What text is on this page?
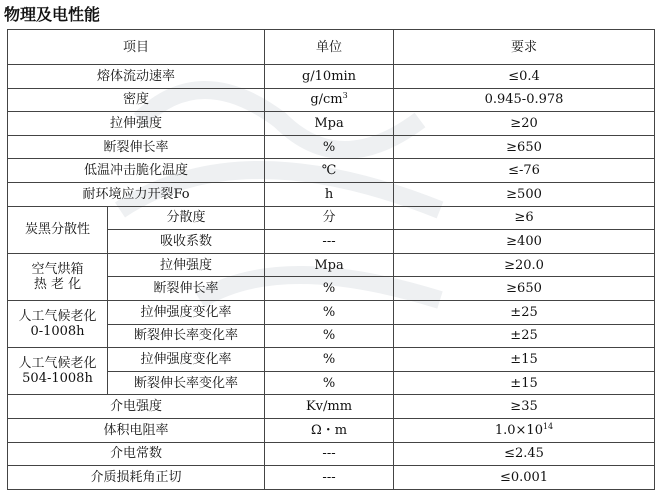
物理及电性能
项目		单位	要求
熔体流动速率		g/10min	≤0.4
密度		$g/cm^3$	0.945-0.978
拉伸强度		Mpa	≥20
断裂伸长率		%	≥650
低温冲击脆化温度		℃	≤-76
耐环境应力开裂Fo		h	≥500

炭黑分散性	分散度	分	≥6
	吸收系数	---	≥400

空气烘箱
热 老 化	拉伸强度	Mpa	≥20.0
	断裂伸长率	%	≥650

人工气候老化
0-1008h	拉伸强度变化率	%	±25
	断裂伸长率变化率	%	±25

人工气候老化
504-1008h	拉伸强度变化率	%	±15
	断裂伸长率变化率	%	±15
介电强度		Kv/mm	≥35
体积电阻率		Ω・m	$1.0\times 10^{14}$
介电常数		---	≤2.45
介质损耗角正切		---	≤0.001
